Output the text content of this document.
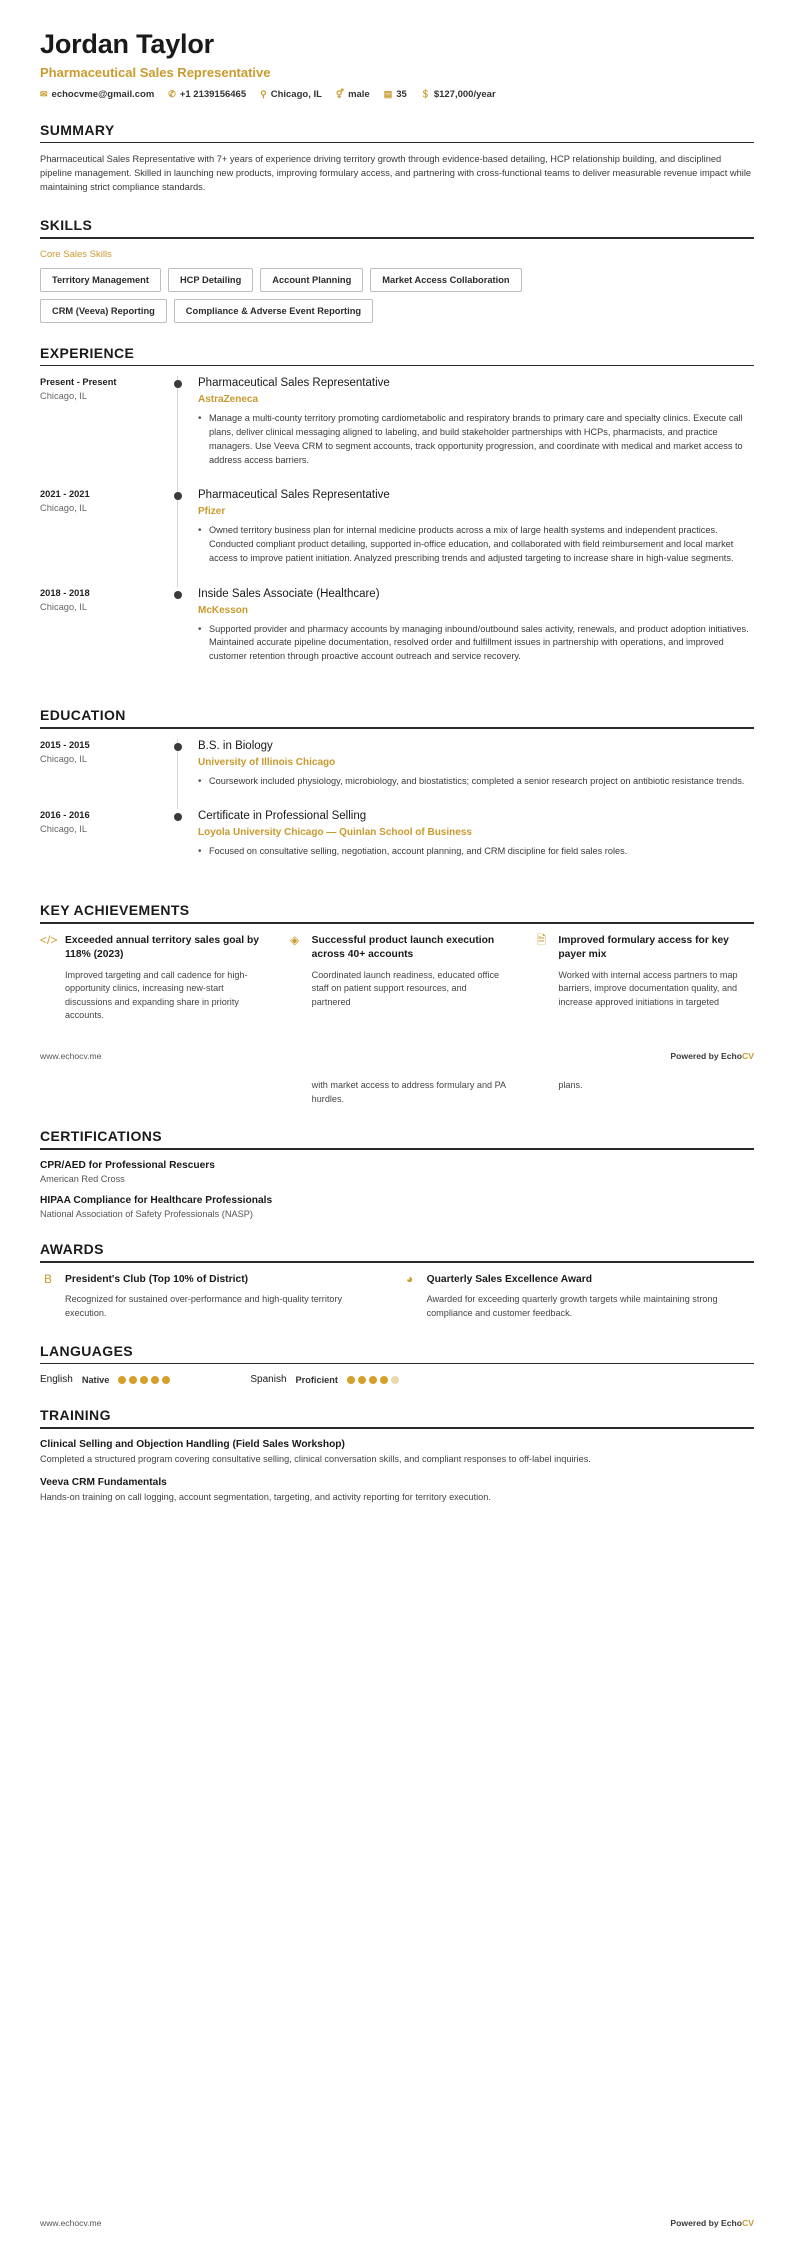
Jordan Taylor
Pharmaceutical Sales Representative
✉ echocvme@gmail.com ✆ +1 2139156465 ⚲ Chicago, IL ⚥ male ▤ 35 ＄ $127,000/year
SUMMARY

Pharmaceutical Sales Representative with 7+ years of experience driving territory growth through evidence-based detailing, HCP relationship building, and disciplined pipeline management. Skilled in launching new products, improving formulary access, and partnering with cross-functional teams to deliver measurable revenue impact while maintaining strict compliance standards.

SKILLS
Core Sales Skills
Territory Management	HCP Detailing	Account Planning	Market Access Collaboration
CRM (Veeva) Reporting	Compliance & Adverse Event Reporting
EXPERIENCE
Present - Present
Chicago, IL
Pharmaceutical Sales Representative
AstraZeneca
• Manage a multi-county territory promoting cardiometabolic and respiratory brands to primary care and specialty clinics. Execute call plans, deliver clinical messaging aligned to labeling, and build stakeholder partnerships with HCPs, pharmacists, and practice managers. Use Veeva CRM to segment accounts, track opportunity progression, and coordinate with medical and market access to address access barriers.
2021 - 2021
Chicago, IL
Pharmaceutical Sales Representative
Pfizer
• Owned territory business plan for internal medicine products across a mix of large health systems and independent practices. Conducted compliant product detailing, supported in-office education, and collaborated with field reimbursement and local market access to improve patient initiation. Analyzed prescribing trends and adjusted targeting to increase share in high-value segments.
2018 - 2018
Chicago, IL
Inside Sales Associate (Healthcare)
McKesson
• Supported provider and pharmacy accounts by managing inbound/outbound sales activity, renewals, and product adoption initiatives. Maintained accurate pipeline documentation, resolved order and fulfillment issues in partnership with operations, and improved customer retention through proactive account outreach and service recovery.
EDUCATION
2015 - 2015
Chicago, IL
B.S. in Biology
University of Illinois Chicago
• Coursework included physiology, microbiology, and biostatistics; completed a senior research project on antibiotic resistance trends.
2016 - 2016
Chicago, IL
Certificate in Professional Selling
Loyola University Chicago — Quinlan School of Business
• Focused on consultative selling, negotiation, account planning, and CRM discipline for field sales roles.
KEY ACHIEVEMENTS
</> Exceeded annual territory sales goal by 118% (2023)
Improved targeting and call cadence for high-opportunity clinics, increasing new-start discussions and expanding share in priority accounts.
◈	Successful product launch execution across 40+ accounts
Coordinated launch readiness, educated office staff on patient support resources, and partnered
🗎	Improved formulary access for key payer mix
Worked with internal access partners to map barriers, improve documentation quality, and increase approved initiations in targeted
www.echocv.me	Powered by EchoCV
with market access to address formulary and PA hurdles.
plans.
CERTIFICATIONS
CPR/AED for Professional Rescuers
American Red Cross
HIPAA Compliance for Healthcare Professionals
National Association of Safety Professionals (NASP)
AWARDS
B	President's Club (Top 10% of District)
Recognized for sustained over-performance and high-quality territory execution.
◕	Quarterly Sales Excellence Award
Awarded for exceeding quarterly growth targets while maintaining strong compliance and customer feedback.
LANGUAGES
English Native	Spanish Proficient
TRAINING
Clinical Selling and Objection Handling (Field Sales Workshop)
Completed a structured program covering consultative selling, clinical conversation skills, and compliant responses to off-label inquiries.
Veeva CRM Fundamentals
Hands-on training on call logging, account segmentation, targeting, and activity reporting for territory execution.
www.echocv.me	Powered by EchoCV
